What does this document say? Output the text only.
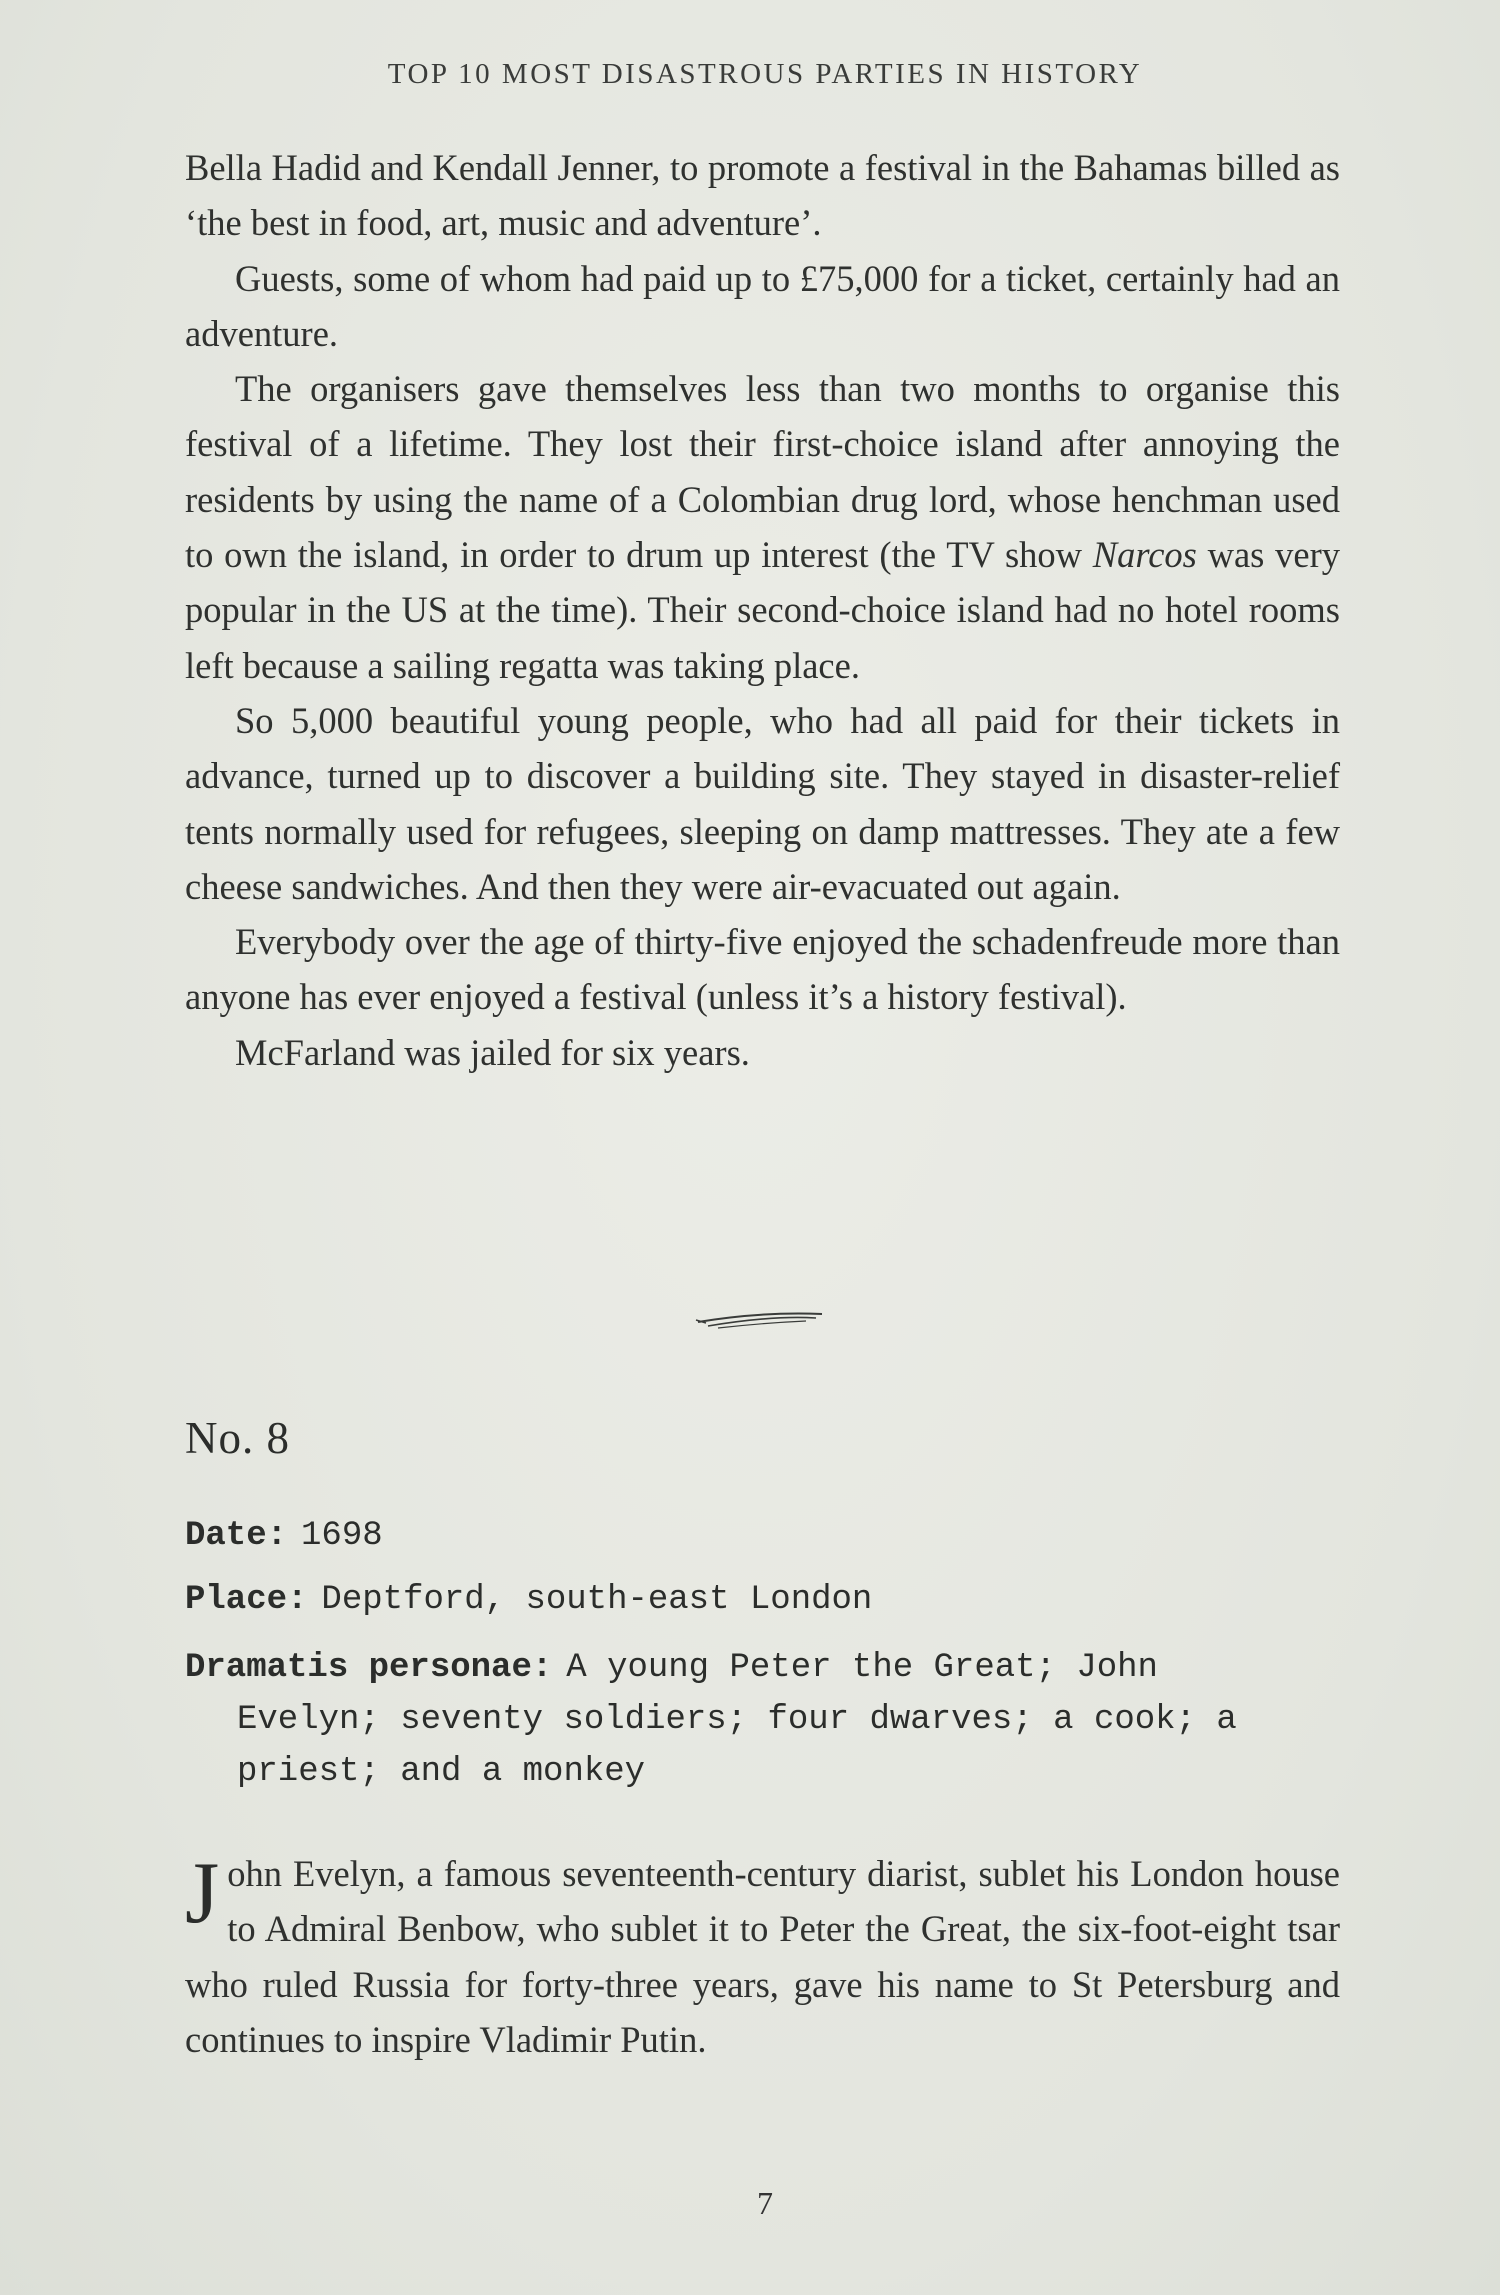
TOP 10 MOST DISASTROUS PARTIES IN HISTORY

Bella Hadid and Kendall Jenner, to promote a festival in the Bahamas billed as ‘the best in food, art, music and adventure’.

Guests, some of whom had paid up to £75,000 for a ticket, certainly had an adventure.

The organisers gave themselves less than two months to organise this festival of a lifetime. They lost their first-choice island after annoying the residents by using the name of a Colombian drug lord, whose henchman used to own the island, in order to drum up interest (the TV show Narcos was very popular in the US at the time). Their second-choice island had no hotel rooms left because a sailing regatta was taking place.

So 5,000 beautiful young people, who had all paid for their tickets in advance, turned up to discover a building site. They stayed in disaster-relief tents normally used for refugees, sleeping on damp mattresses. They ate a few cheese sandwiches. And then they were air-evacuated out again.

Everybody over the age of thirty-five enjoyed the schadenfreude more than anyone has ever enjoyed a festival (unless it’s a history festival).

McFarland was jailed for six years.

No. 8
Date: 1698
Place: Deptford, south-east London
Dramatis personae: A young Peter the Great; John
Evelyn; seventy soldiers; four dwarves; a cook; a
priest; and a monkey
J ohn Evelyn, a famous seventeenth-century diarist, sublet his London house to Admiral Benbow, who sublet it to Peter the Great, the six-foot-eight tsar who ruled Russia for forty-three years, gave his name to St Petersburg and continues to inspire Vladimir Putin.

7
